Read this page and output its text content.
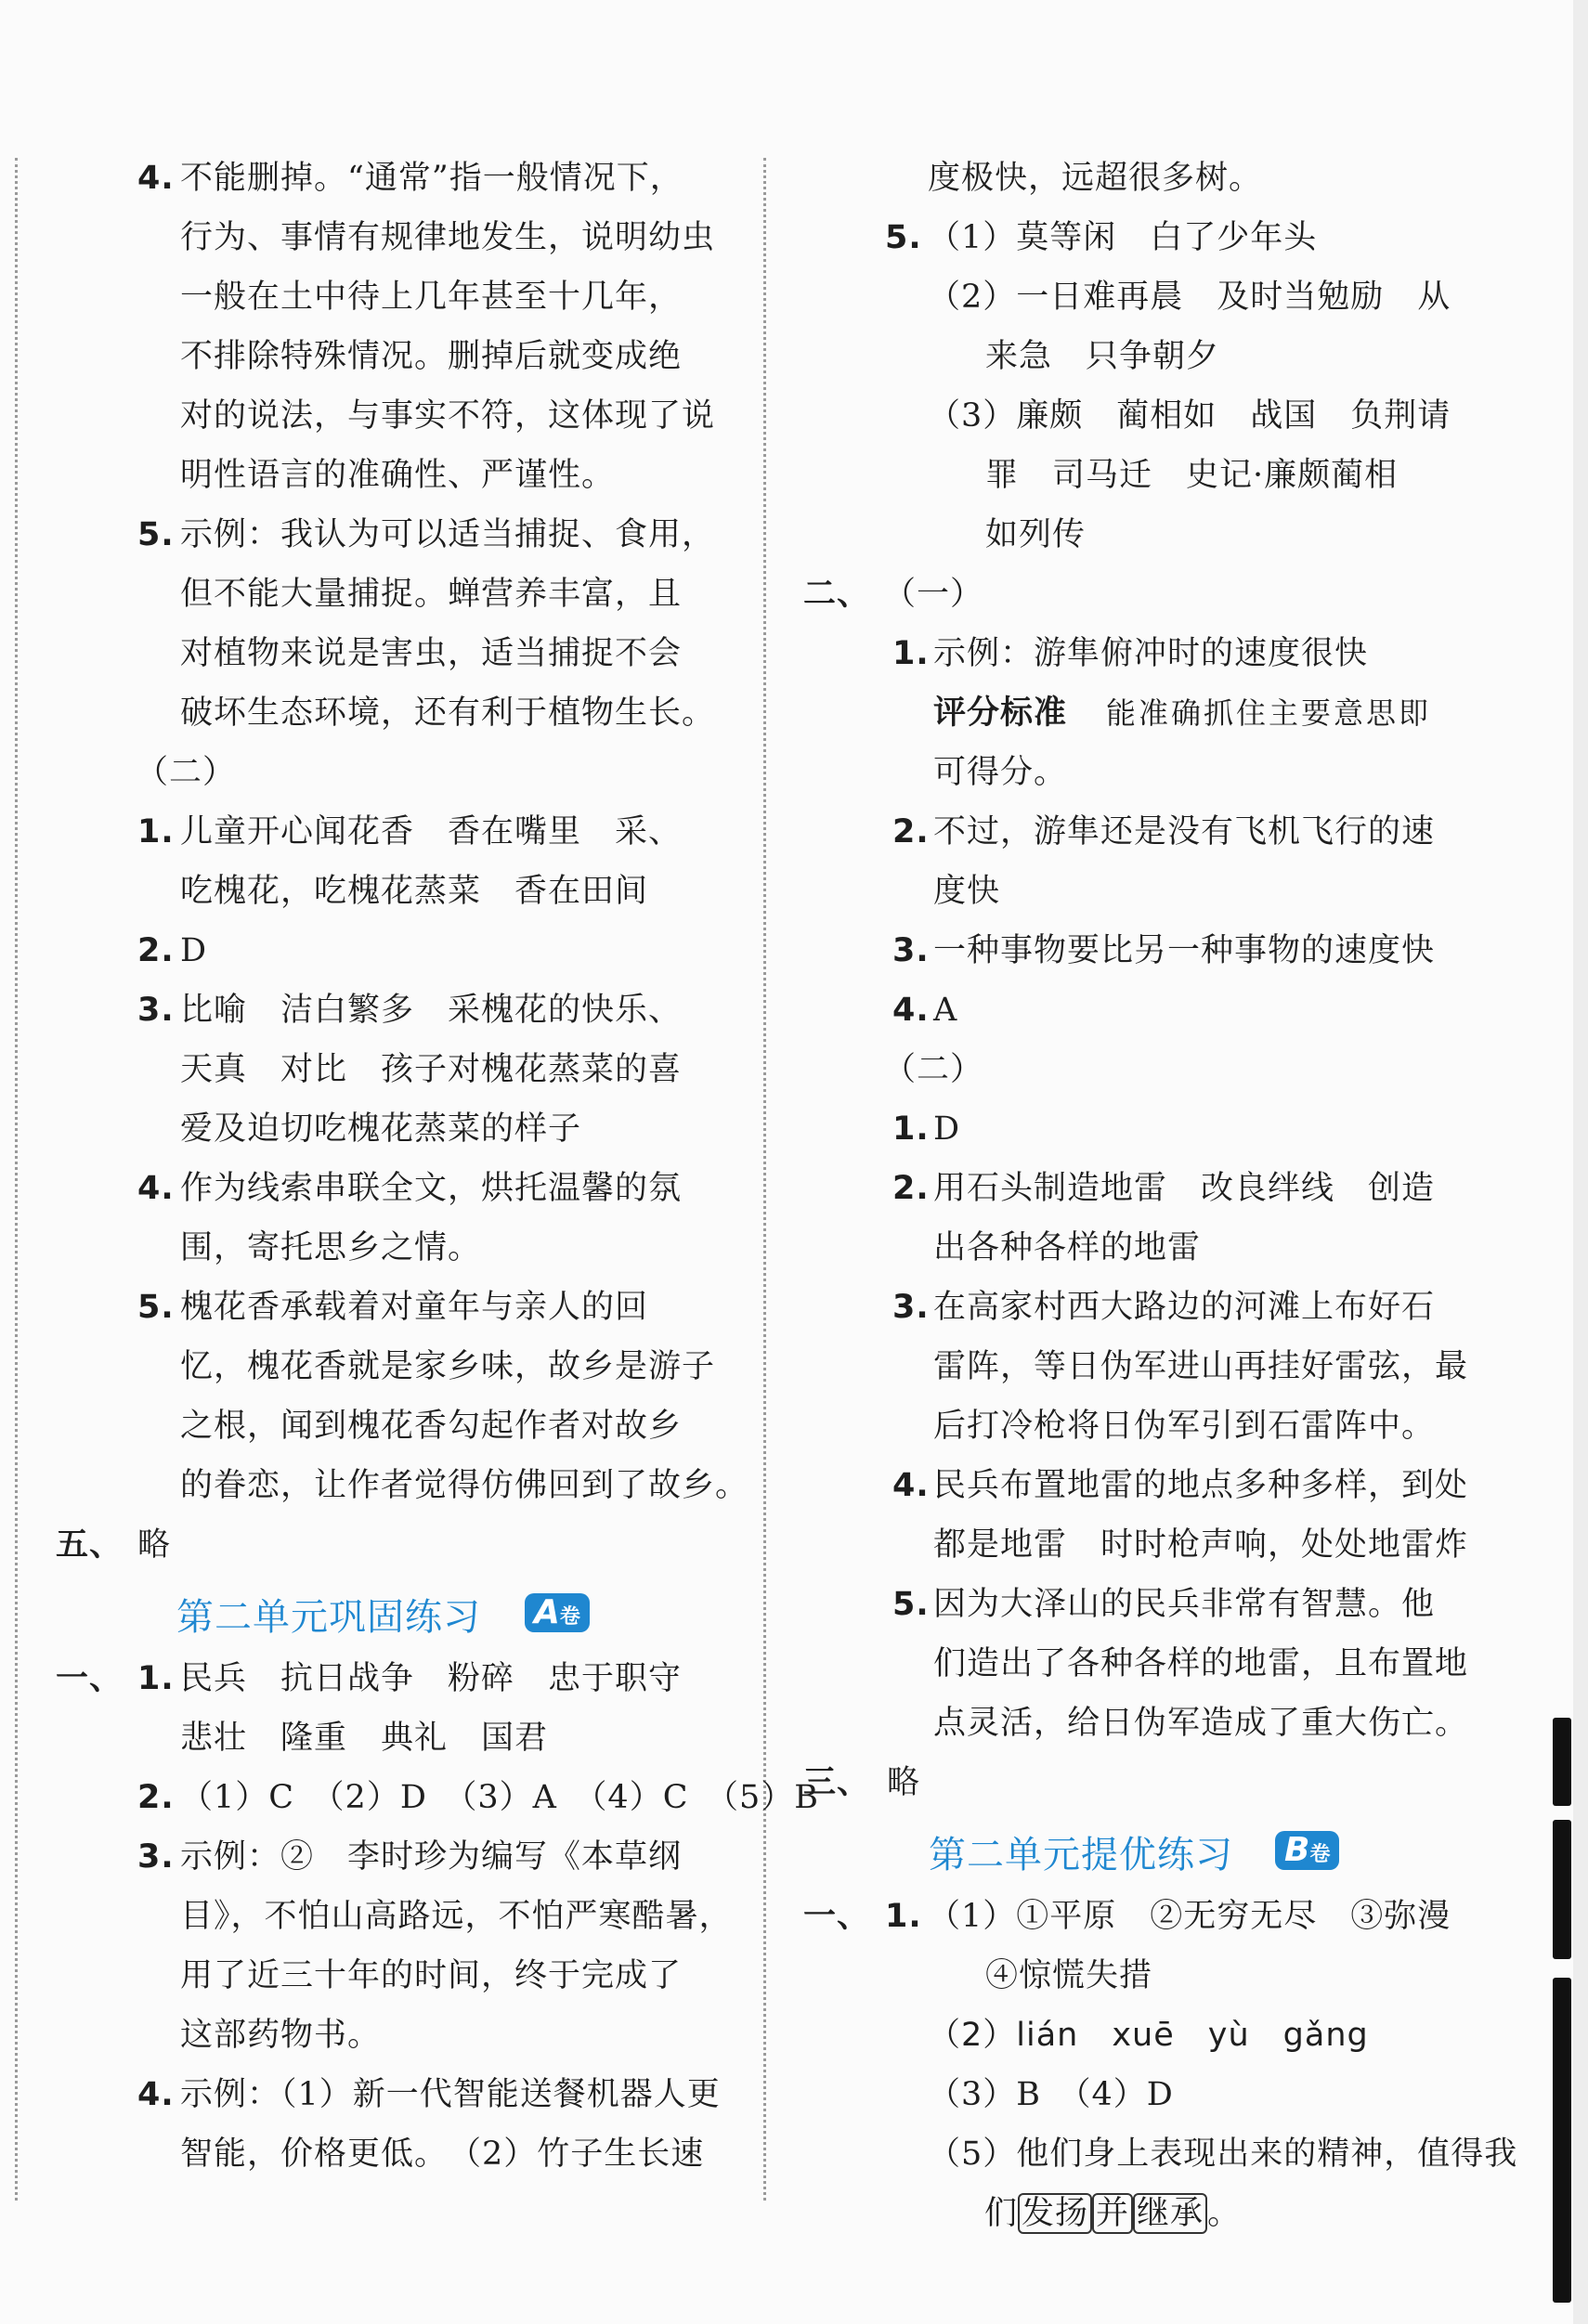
4. 不能删掉。“通常”指一般情况下，
行为、事情有规律地发生，说明幼虫
一般在土中待上几年甚至十几年，
不排除特殊情况。删掉后就变成绝
对的说法，与事实不符，这体现了说
明性语言的准确性、严谨性。
5. 示例：我认为可以适当捕捉、食用，
但不能大量捕捉。蝉营养丰富，且
对植物来说是害虫，适当捕捉不会
破坏生态环境，还有利于植物生长。
（二）
1. 儿童开心闻花香　香在嘴里　采、
吃槐花，吃槐花蒸菜　香在田间
2. D
3. 比喻　洁白繁多　采槐花的快乐、
天真　对比　孩子对槐花蒸菜的喜
爱及迫切吃槐花蒸菜的样子
4. 作为线索串联全文，烘托温馨的氛
围，寄托思乡之情。
5. 槐花香承载着对童年与亲人的回
忆，槐花香就是家乡味，故乡是游子
之根，闻到槐花香勾起作者对故乡
的眷恋，让作者觉得仿佛回到了故乡。
五、 略
第二单元巩固练习 A卷
一、 1. 民兵　抗日战争　粉碎　忠于职守
悲壮　隆重　典礼　国君
2. （1）C　（2）D　（3）A　（4）C　（5）B
3. 示例：②　李时珍为编写《本草纲
目》，不怕山高路远，不怕严寒酷暑，
用了近三十年的时间，终于完成了
这部药物书。
4. 示例：（1）新一代智能送餐机器人更
智能，价格更低。　（2）竹子生长速
度极快，远超很多树。
5. （1）莫等闲　白了少年头
（2）一日难再晨　及时当勉励　从
来急　只争朝夕
（3）廉颇　蔺相如　战国　负荆请
罪　司马迁　史记·廉颇蔺相
如列传
二、 （一）
1. 示例：游隼俯冲时的速度很快
评分标准 能准确抓住主要意思即
可得分。
2. 不过，游隼还是没有飞机飞行的速
度快
3. 一种事物要比另一种事物的速度快
4. A
（二）
1. D
2. 用石头制造地雷　改良绊线　创造
出各种各样的地雷
3. 在高家村西大路边的河滩上布好石
雷阵，等日伪军进山再挂好雷弦，最
后打冷枪将日伪军引到石雷阵中。
4. 民兵布置地雷的地点多种多样，到处
都是地雷　时时枪声响，处处地雷炸
5. 因为大泽山的民兵非常有智慧。他
们造出了各种各样的地雷，且布置地
点灵活，给日伪军造成了重大伤亡。
三、 略
第二单元提优练习 B卷
一、 1. （1）①平原　②无穷无尽　③弥漫
④惊慌失措
（2）lián　xuē　yù　gǎng
（3）B　（4）D
（5）他们身上表现出来的精神，值得我
们 发扬 并 继承 。
